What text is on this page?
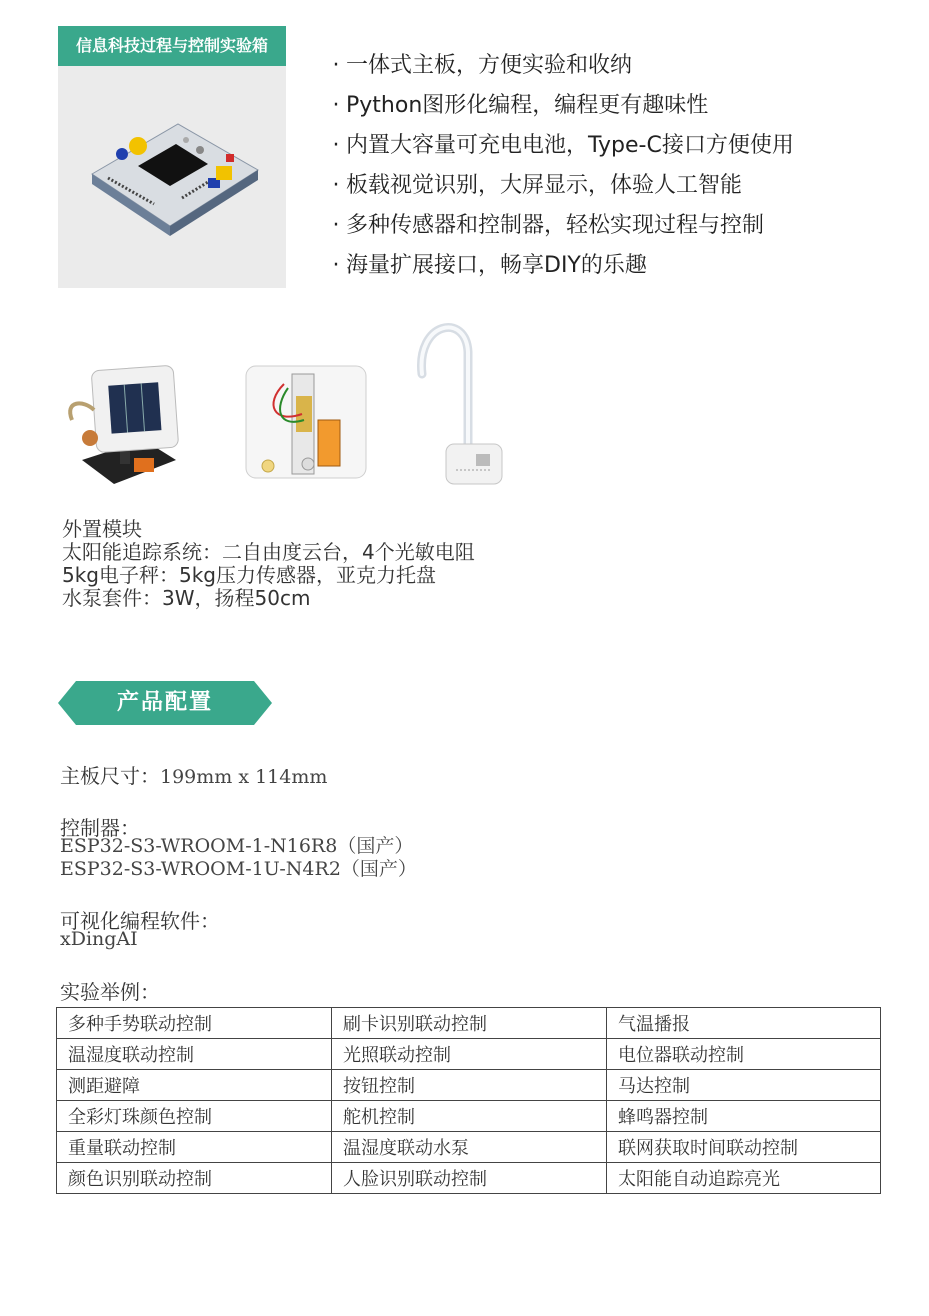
信息科技过程与控制实验箱
· 一体式主板，方便实验和收纳
· Python图形化编程，编程更有趣味性
· 内置大容量可充电电池，Type-C接口方便使用
· 板载视觉识别，大屏显示，体验人工智能
· 多种传感器和控制器，轻松实现过程与控制
· 海量扩展接口，畅享DIY的乐趣
外置模块
太阳能追踪系统：二自由度云台，4个光敏电阻
5kg电子秤：5kg压力传感器，亚克力托盘
水泵套件：3W，扬程50cm
产品配置
主板尺寸：199mm x 114mm
控制器：
ESP32-S3-WROOM-1-N16R8（国产）
ESP32-S3-WROOM-1U-N4R2（国产）
可视化编程软件：
xDingAI
实验举例：
多种手势联动控制	刷卡识别联动控制	气温播报
温湿度联动控制	光照联动控制	电位器联动控制
测距避障	按钮控制	马达控制
全彩灯珠颜色控制	舵机控制	蜂鸣器控制
重量联动控制	温湿度联动水泵	联网获取时间联动控制
颜色识别联动控制	人脸识别联动控制	太阳能自动追踪亮光
